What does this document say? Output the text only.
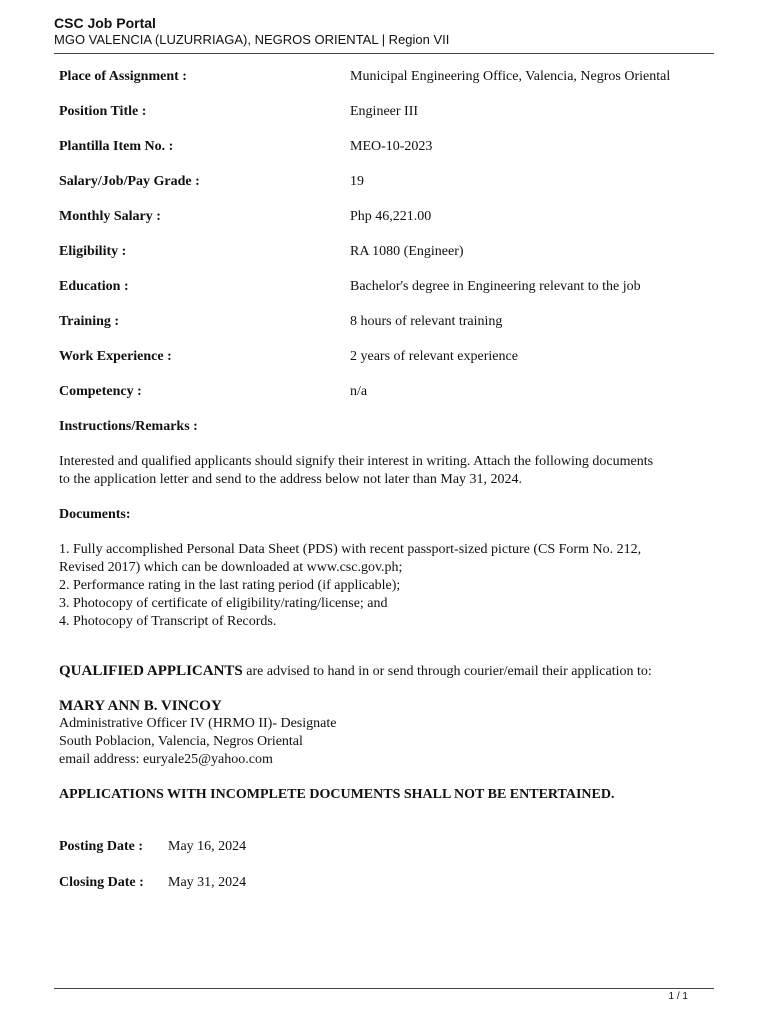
CSC Job Portal
MGO VALENCIA (LUZURRIAGA), NEGROS ORIENTAL | Region VII
Place of Assignment :	Municipal Engineering Office, Valencia, Negros Oriental
Position Title :	Engineer III
Plantilla Item No. :	MEO-10-2023
Salary/Job/Pay Grade :	19
Monthly Salary :	Php 46,221.00
Eligibility :	RA 1080 (Engineer)
Education :	Bachelor's degree in Engineering relevant to the job
Training :	8 hours of relevant training
Work Experience :	2 years of relevant experience
Competency :	n/a

Instructions/Remarks :

Interested and qualified applicants should signify their interest in writing. Attach the following documents

to the application letter and send to the address below not later than May 31, 2024.

Documents:

1. Fully accomplished Personal Data Sheet (PDS) with recent passport-sized picture (CS Form No. 212,

Revised 2017) which can be downloaded at www.csc.gov.ph;

2. Performance rating in the last rating period (if applicable);

3. Photocopy of certificate of eligibility/rating/license; and

4. Photocopy of Transcript of Records.

QUALIFIED APPLICANTS are advised to hand in or send through courier/email their application to:

MARY ANN B. VINCOY

Administrative Officer IV (HRMO II)- Designate

South Poblacion, Valencia, Negros Oriental

email address: euryale25@yahoo.com

APPLICATIONS WITH INCOMPLETE DOCUMENTS SHALL NOT BE ENTERTAINED.

Posting Date :	May 16, 2024
Closing Date :	May 31, 2024
1 / 1
